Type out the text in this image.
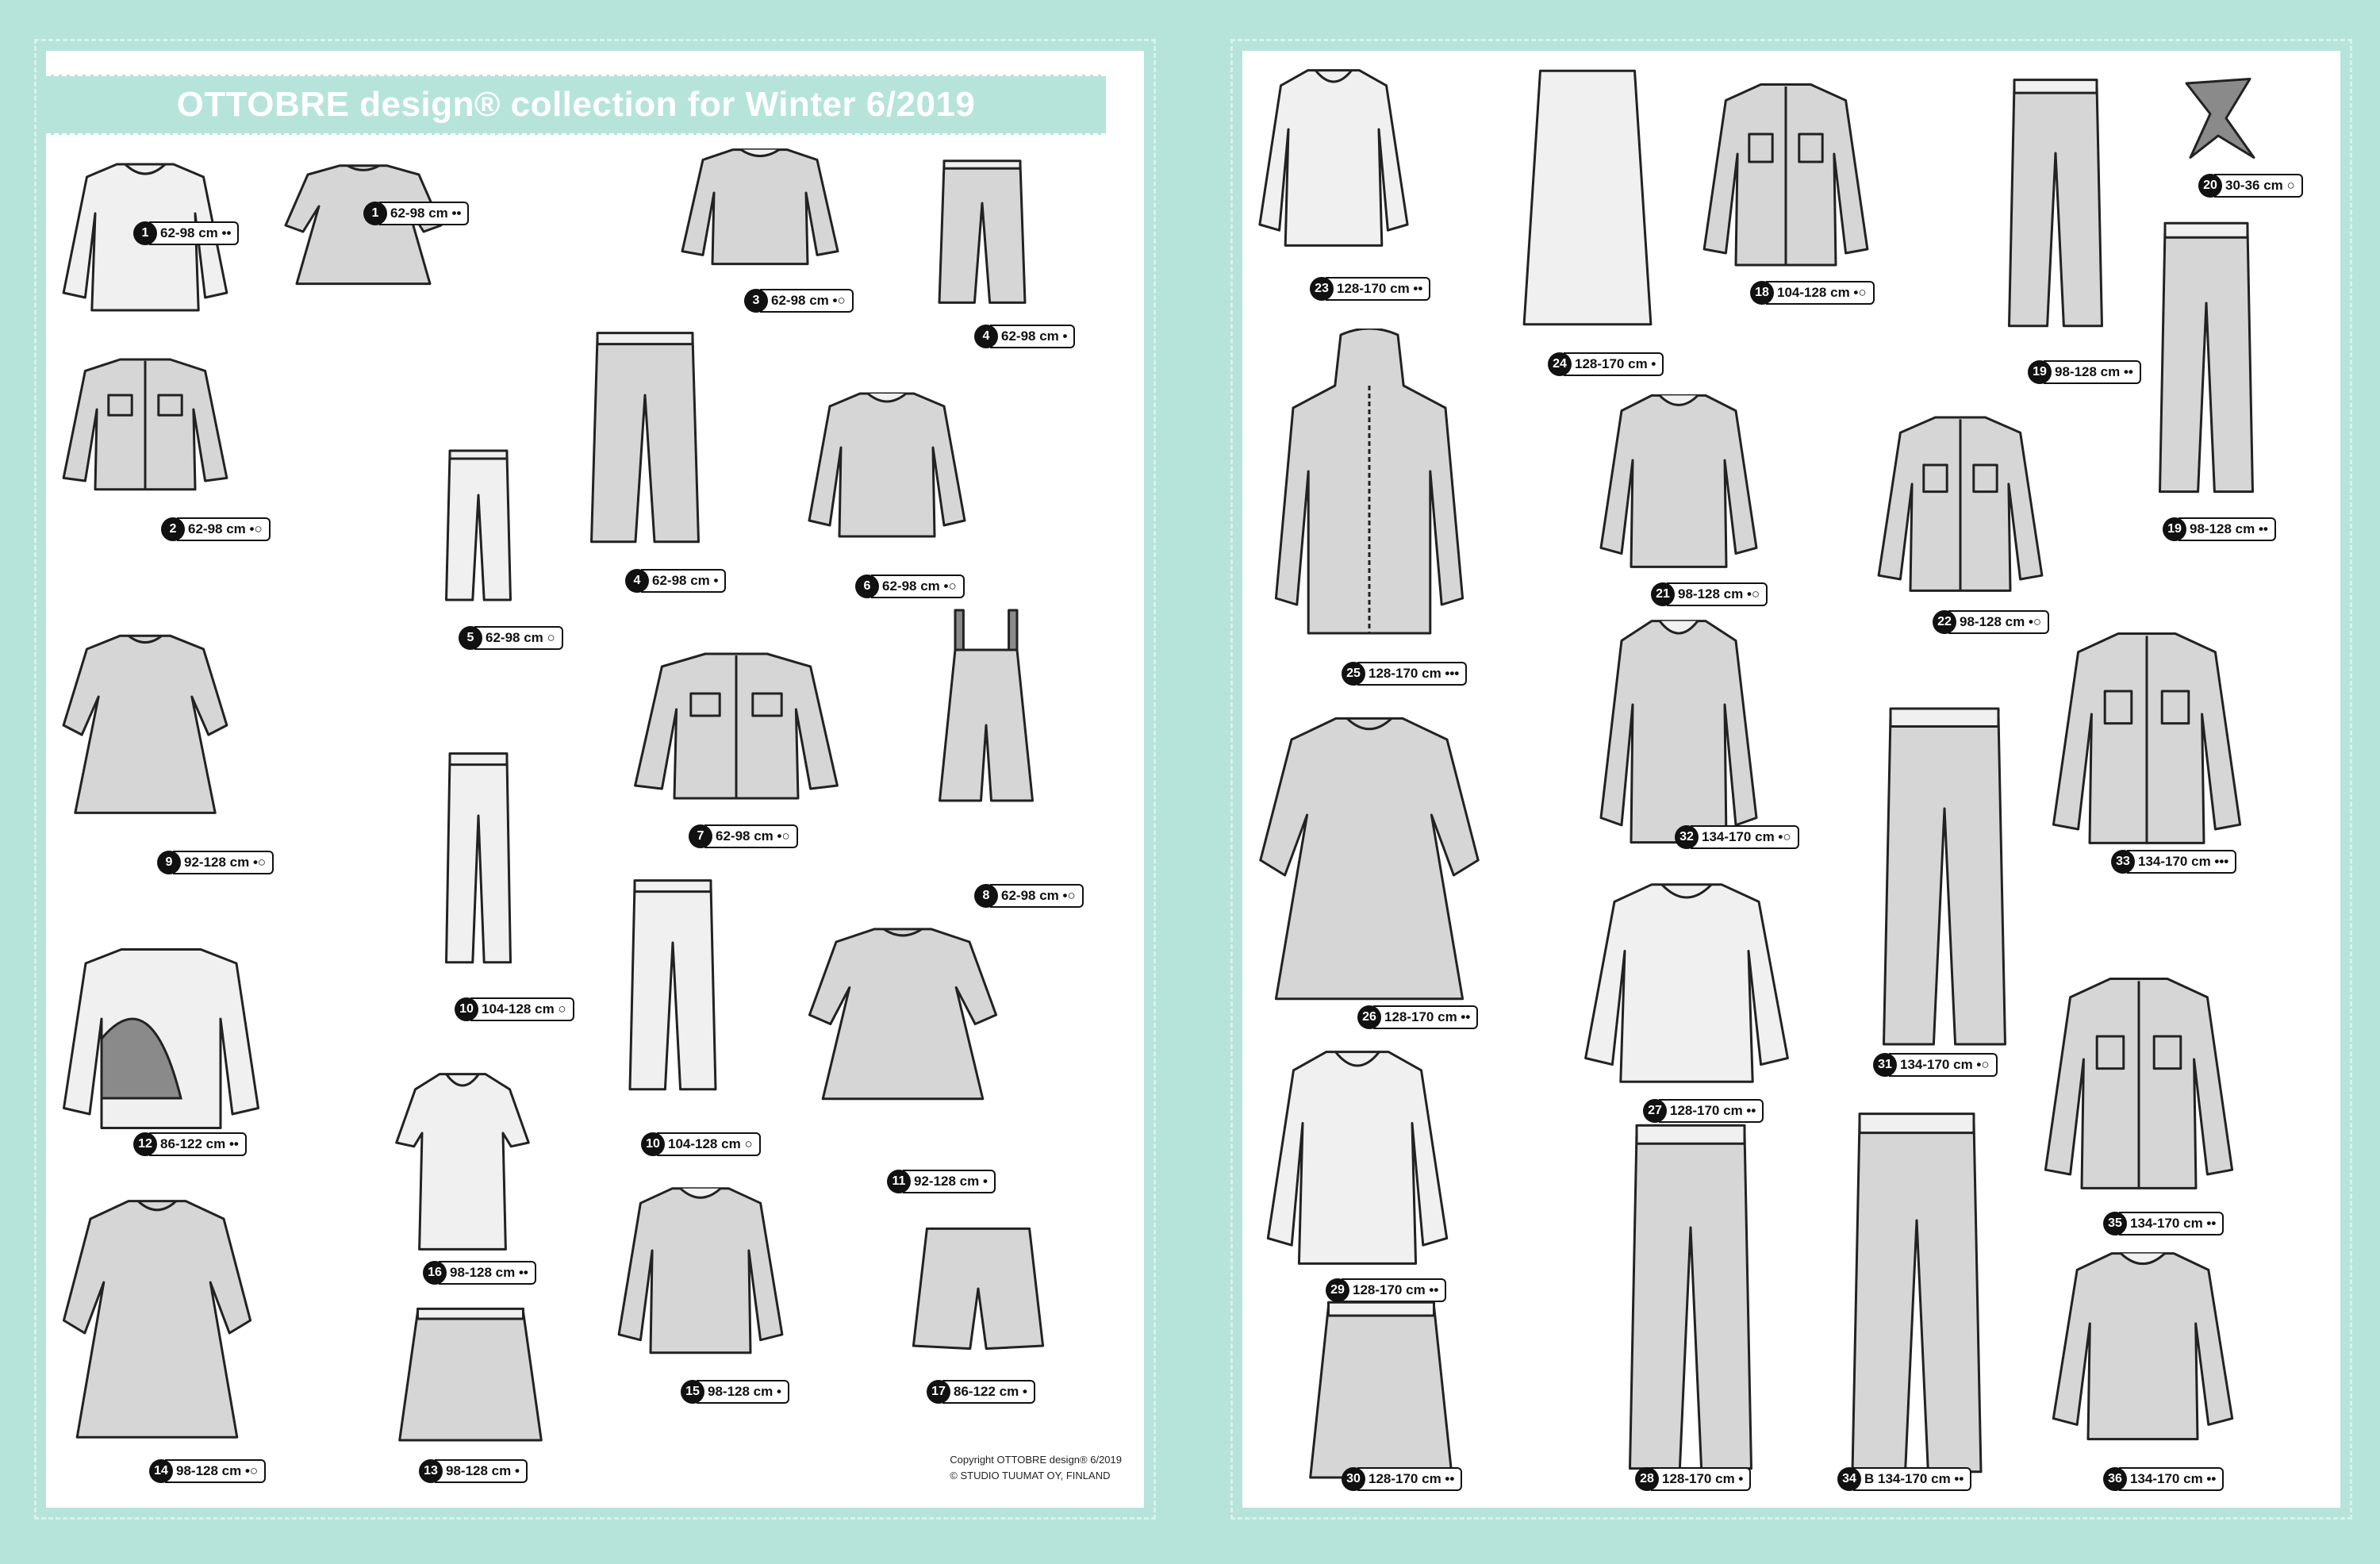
OTTOBRE design® collection for Winter 6/2019
Copyright OTTOBRE design® 6/2019
© STUDIO TUUMAT OY, FINLAND
1 62-98 cm ••
1 62-98 cm ••
3 62-98 cm •○
4 62-98 cm •
2 62-98 cm •○
5 62-98 cm ○
4 62-98 cm •	6 62-98 cm •○
9 92-128 cm •○
7 62-98 cm •○
8 62-98 cm •○
10 104-128 cm ○
12 86-122 cm ••	10 104-128 cm ○
11 92-128 cm •
16 98-128 cm ••
15 98-128 cm •	17 86-122 cm •
14 98-128 cm •○	13 98-128 cm •
23 128-170 cm ••
24 128-170 cm •
18 104-128 cm •○
19 98-128 cm ••
20 30-36 cm ○
25 128-170 cm •••
21 98-128 cm •○
22 98-128 cm •○
19 98-128 cm ••
26 128-170 cm ••
32 134-170 cm •○
33 134-170 cm •••
27 128-170 cm ••
31 134-170 cm •○
29 128-170 cm ••
35 134-170 cm ••
30 128-170 cm ••	28 128-170 cm •	34 B 134-170 cm ••	36 134-170 cm ••
